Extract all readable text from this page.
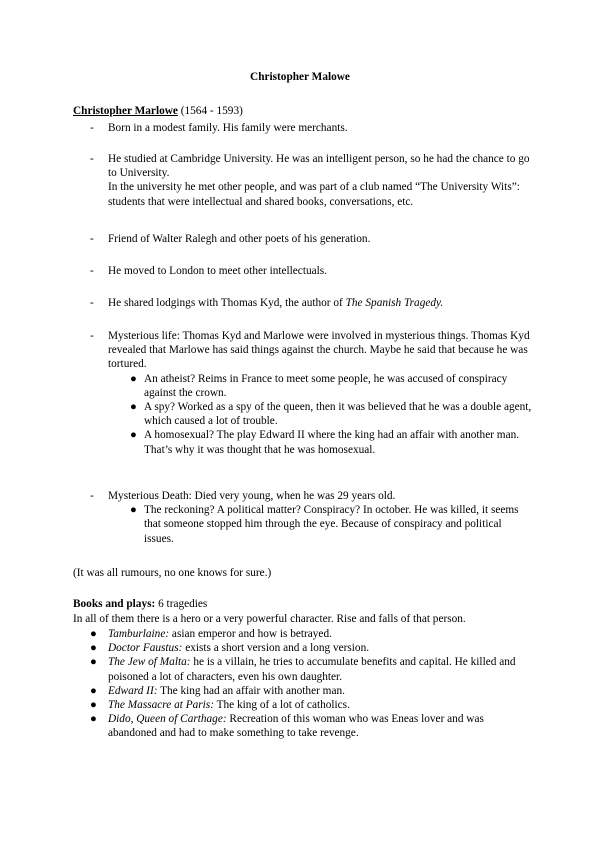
Christopher Malowe
Christopher Marlowe (1564 - 1593)
- Born in a modest family. His family were merchants.

- He studied at Cambridge University. He was an intelligent person, so he had the chance to go to University.

In the university he met other people, and was part of a club named “The University Wits”: students that were intellectual and shared books, conversations, etc.

- Friend of Walter Ralegh and other poets of his generation.

- He moved to London to meet other intellectuals.

- He shared lodgings with Thomas Kyd, the author of The Spanish Tragedy.

- Mysterious life: Thomas Kyd and Marlowe were involved in mysterious things. Thomas Kyd revealed that Marlowe has said things against the church. Maybe he said that because he was tortured.

● An atheist? Reims in France to meet some people, he was accused of conspiracy against the crown.
● A spy? Worked as a spy of the queen, then it was believed that he was a double agent, which caused a lot of trouble.
● A homosexual? The play Edward II where the king had an affair with another man. That’s why it was thought that he was homosexual.
- Mysterious Death: Died very young, when he was 29 years old.

● The reckoning? A political matter? Conspiracy? In october. He was killed, it seems that someone stopped him through the eye. Because of conspiracy and political issues.
(It was all rumours, no one knows for sure.)
Books and plays: 6 tragedies
In all of them there is a hero or a very powerful character. Rise and falls of that person.
● Tamburlaine: asian emperor and how is betrayed.
● Doctor Faustus: exists a short version and a long version.
● The Jew of Malta: he is a villain, he tries to accumulate benefits and capital. He killed and poisoned a lot of characters, even his own daughter.
● Edward II: The king had an affair with another man.
● The Massacre at Paris: The king of a lot of catholics.
● Dido, Queen of Carthage: Recreation of this woman who was Eneas lover and was abandoned and had to make something to take revenge.
